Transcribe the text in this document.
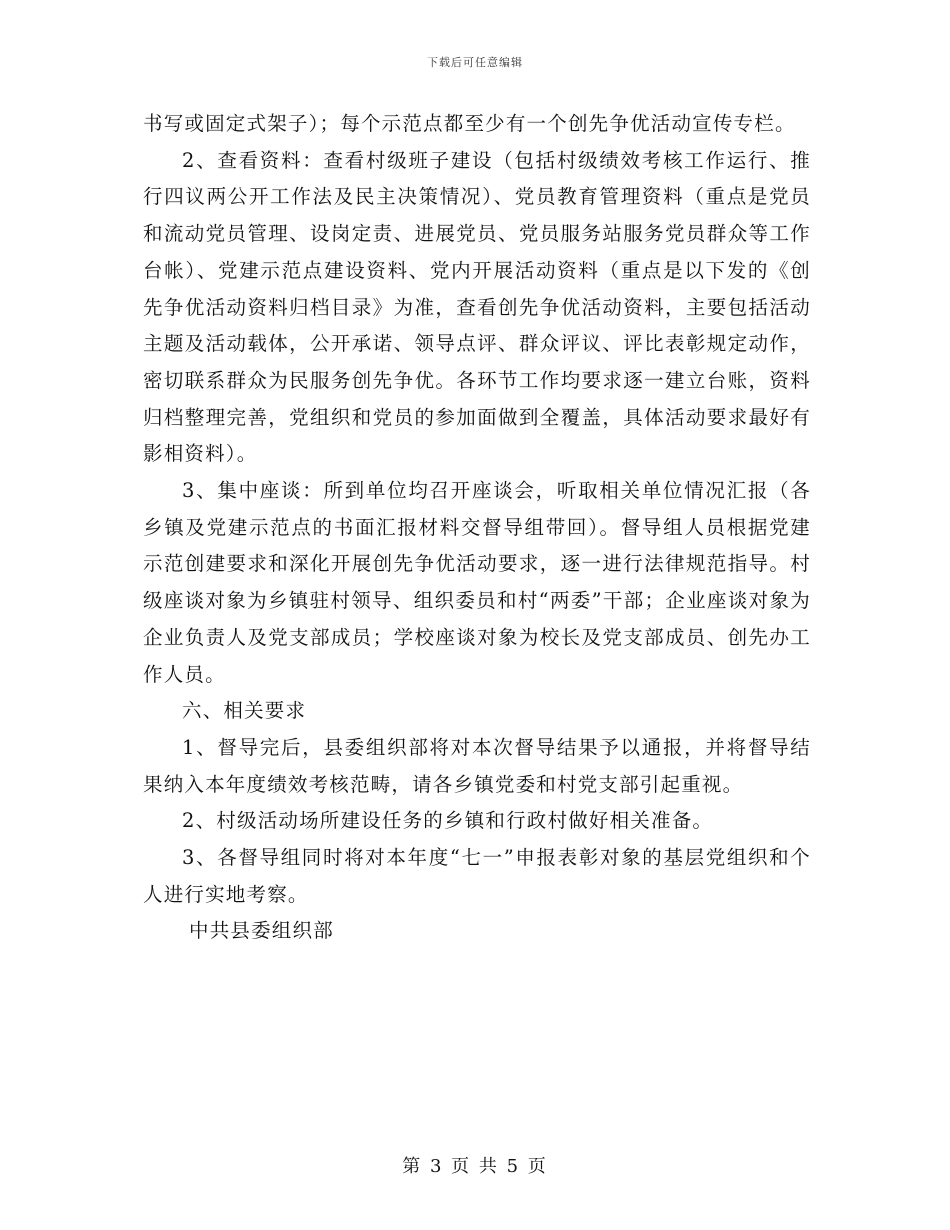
下载后可任意编辑

书写或固定式架子）；每个示范点都至少有一个创先争优活动宣传专栏。

2、查看资料：查看村级班子建设（包括村级绩效考核工作运行、推行四议两公开工作法及民主决策情况）、党员教育管理资料（重点是党员和流动党员管理、设岗定责、进展党员、党员服务站服务党员群众等工作台帐）、党建示范点建设资料、党内开展活动资料（重点是以下发的《创先争优活动资料归档目录》为准，查看创先争优活动资料，主要包括活动主题及活动载体，公开承诺、领导点评、群众评议、评比表彰规定动作，密切联系群众为民服务创先争优。各环节工作均要求逐一建立台账，资料归档整理完善，党组织和党员的参加面做到全覆盖，具体活动要求最好有影相资料）。

3、集中座谈：所到单位均召开座谈会，听取相关单位情况汇报（各乡镇及党建示范点的书面汇报材料交督导组带回）。督导组人员根据党建示范创建要求和深化开展创先争优活动要求，逐一进行法律规范指导。村级座谈对象为乡镇驻村领导、组织委员和村“两委”干部；企业座谈对象为企业负责人及党支部成员；学校座谈对象为校长及党支部成员、创先办工作人员。

六、相关要求

1、督导完后，县委组织部将对本次督导结果予以通报，并将督导结果纳入本年度绩效考核范畴，请各乡镇党委和村党支部引起重视。

2、村级活动场所建设任务的乡镇和行政村做好相关准备。

3、各督导组同时将对本年度“七一”申报表彰对象的基层党组织和个人进行实地考察。

中共县委组织部

第 3 页 共 5 页
